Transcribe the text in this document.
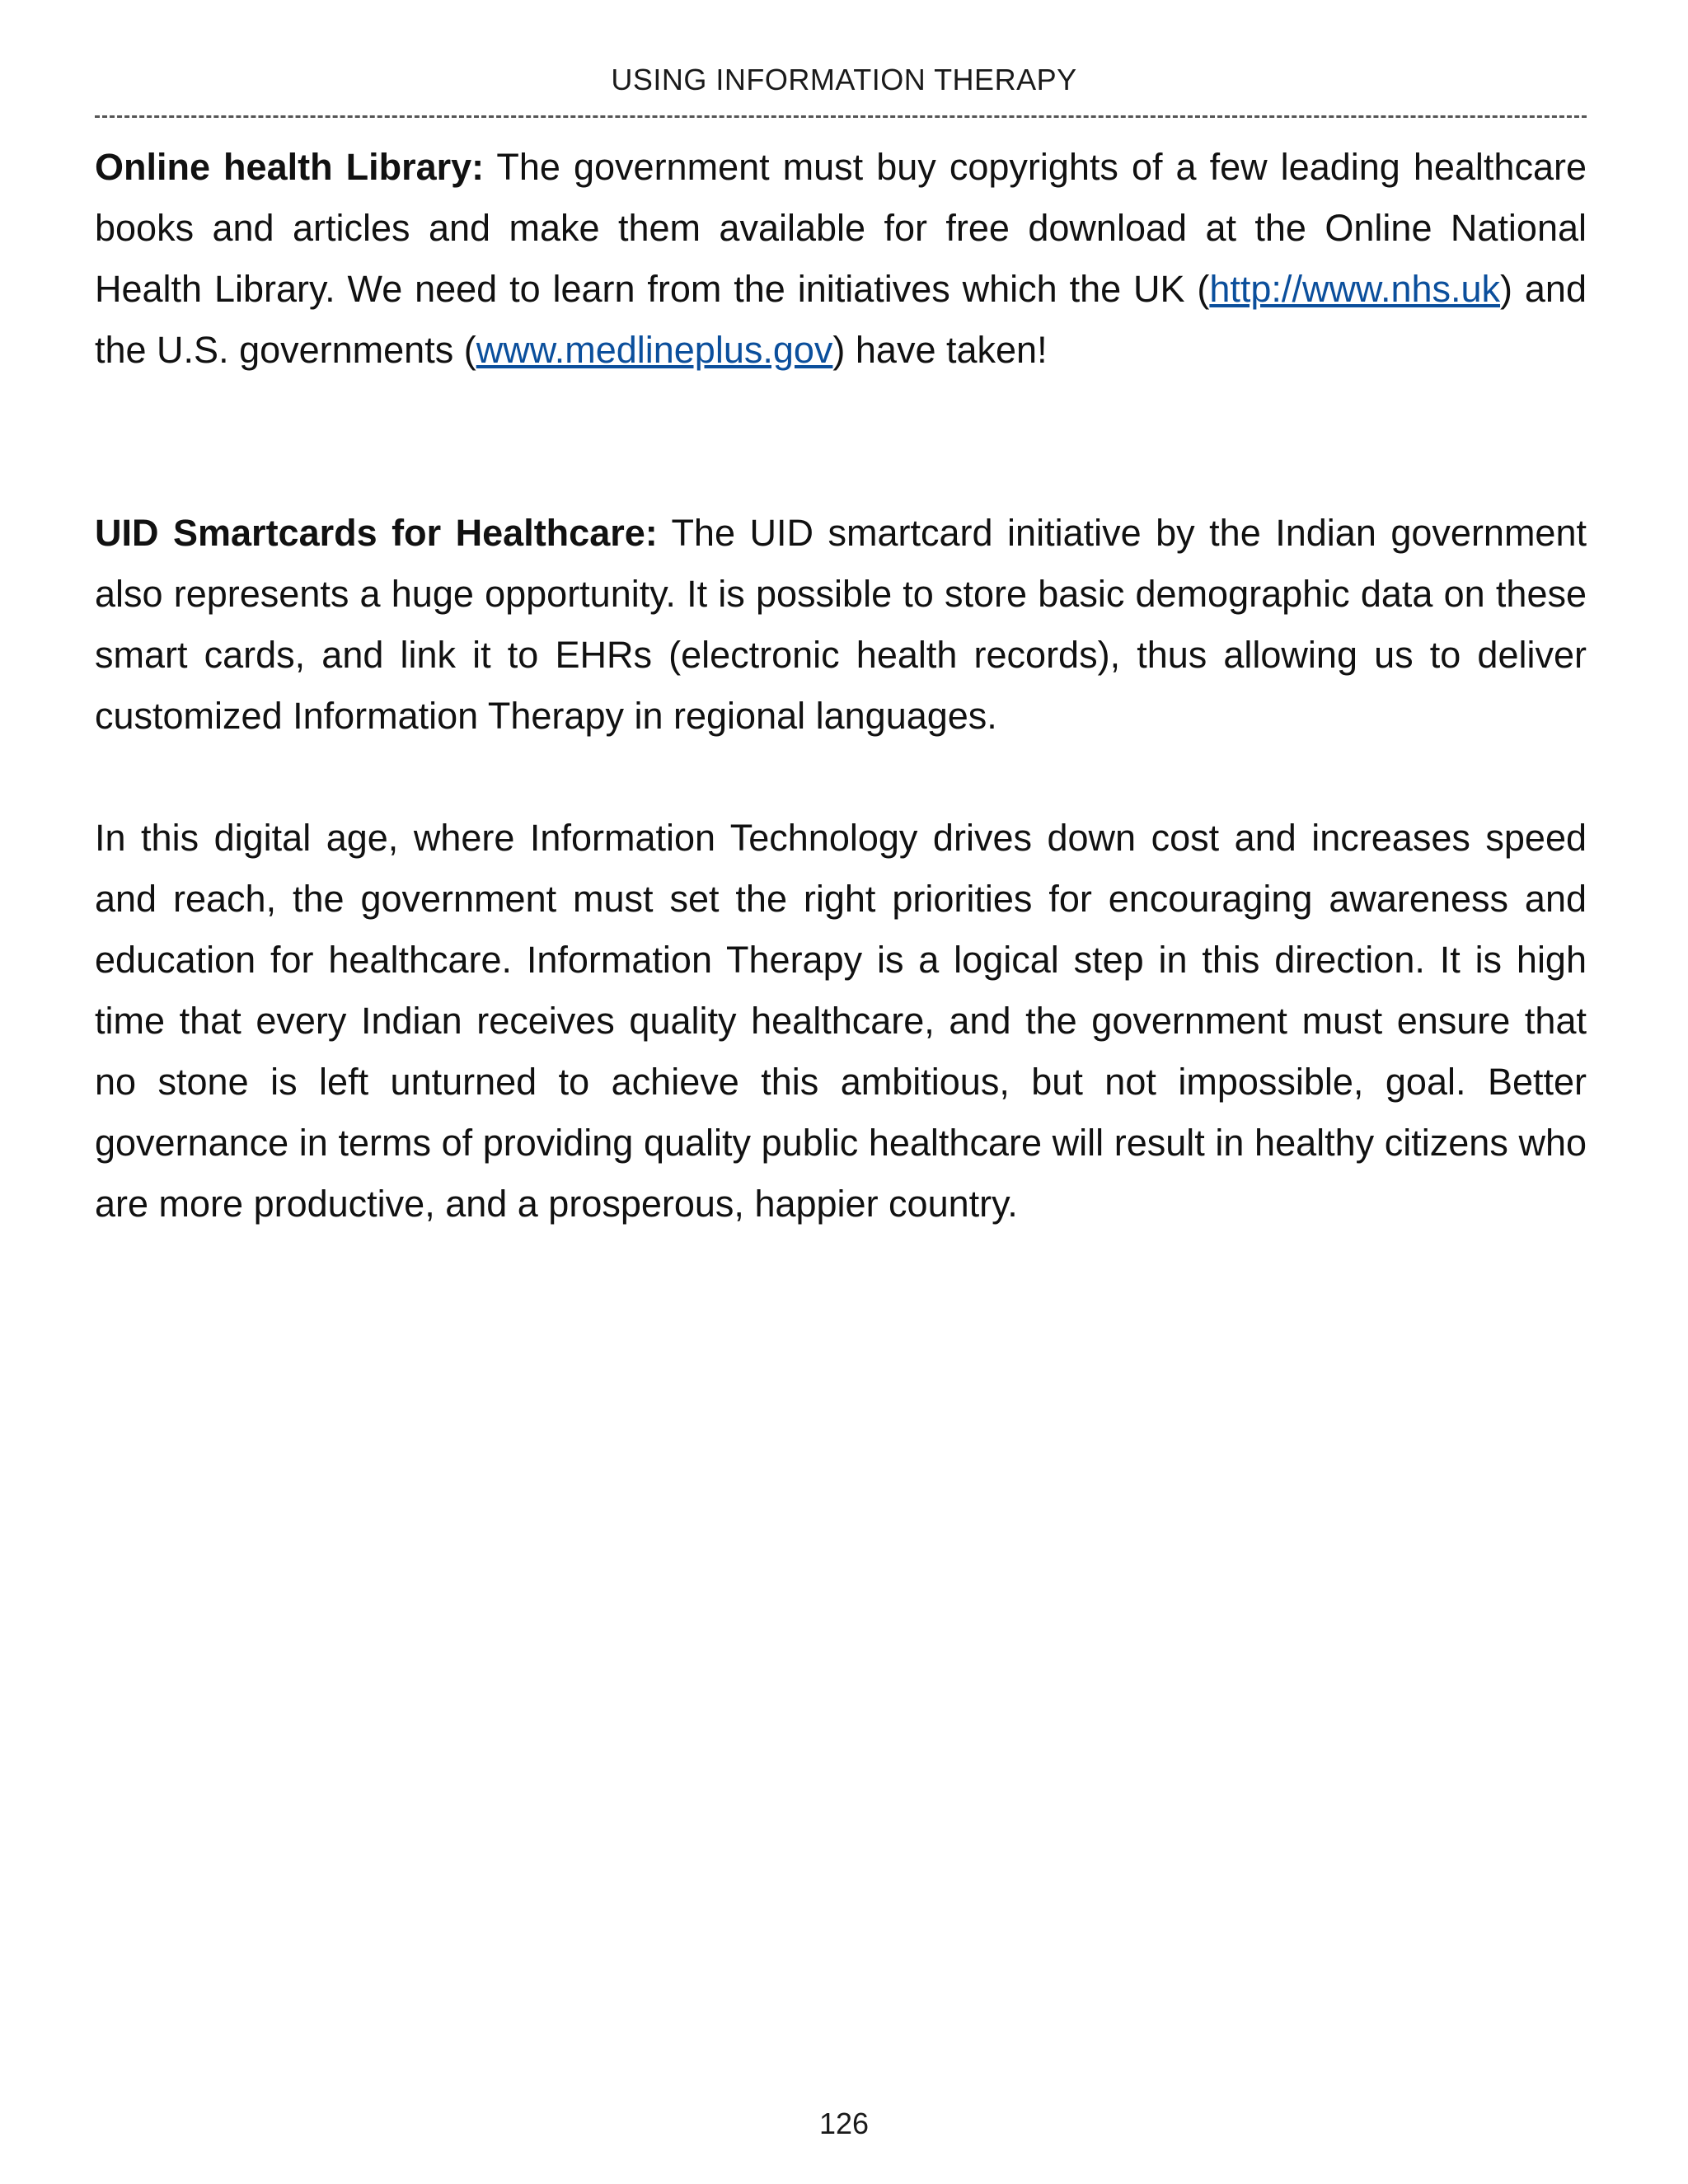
USING INFORMATION THERAPY

Online health Library: The government must buy copyrights of a few leading healthcare books and articles and make them available for free download at the Online National Health Library. We need to learn from the initiatives which the UK (http://www.nhs.uk) and the U.S. governments (www.medlineplus.gov) have taken!

UID Smartcards for Healthcare: The UID smartcard initiative by the Indian government also represents a huge opportunity. It is possible to store basic demographic data on these smart cards, and link it to EHRs (electronic health records), thus allowing us to deliver customized Information Therapy in regional languages.

In this digital age, where Information Technology drives down cost and increases speed and reach, the government must set the right priorities for encouraging awareness and education for healthcare. Information Therapy is a logical step in this direction. It is high time that every Indian receives quality healthcare, and the government must ensure that no stone is left unturned to achieve this ambitious, but not impossible, goal. Better governance in terms of providing quality public healthcare will result in healthy citizens who are more productive, and a prosperous, happier country.

126
